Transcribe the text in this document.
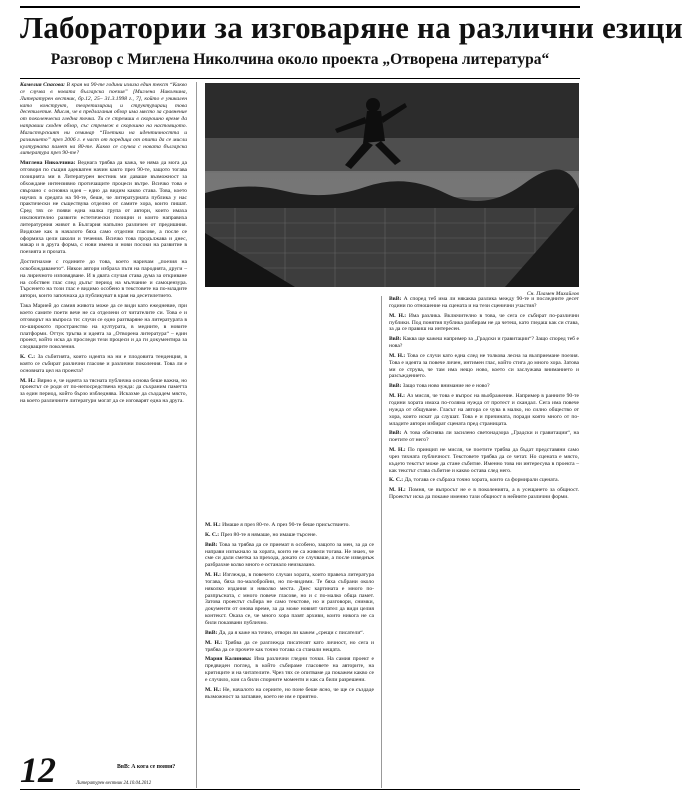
Лаборатории за изговаряне на различни езици
Разговор с Миглена Николчина около проекта „Отворена литература“

Камелия Спасова: В края на 90-те години излиза един текст “Какво се случва в новата българска поезия” [Миглена Николчина, Литературен вестник, бр.12, 25– 31.3.1998 г., 7], който е уникален като конструкт, теоретизиращ и структуриращ това десетилетие. Мисля, че в предлагания обзор има място за сравнение от поколенческа гледна точка. Ти се стремиш в скорошно време да направиш сходен обзор, със стремеж в скорошно на настоящото. Магистърският ни семинар “Поетики на идентичността и различието” през 2006 г. е част от поредица от опити да се мисли културната памет на 80-те. Какво се случва с новата българска литература през 90-те?

Миглена Николчина: Веднага трябва да кажа, че няма да мога да отговоря по същия адекватен начин както през 90-те, защото тогава позицията ми в Литературен вестник ми даваше възможност за обхождане интензивно протичащите процеси вътре. Всичко това е свързано с основна идея – едно да видим какво става. Това, което научих в средата на 90-те, беше, че литературната публика у нас практически не съществува отделно от самите хора, които пишат. Сред тях се появи една малка група от автори, които имаха изключително развити естетически позиции и които направиха литературния живот в България напълно различен от предишния. Видяхме как в началото бяха само отделни гласове, а после се оформиха цели школи и течения. Всичко това продължава и днес, макар и в друга форма, с нови имена и нови посоки на развитие в поезията и прозата.

Достигнахме с годините до това, което наричам „поезия на освобождаването“. Някои автори избраха пътя на пародията, други – на лиричното изповядване. И в двата случая става дума за откриване на собствен глас след дълъг период на мълчание и самоцензура. Търсенето на този глас е видимо особено в текстовете на по-младите автори, които започнаха да публикуват в края на десетилетието.

Така Марией до самия живота може да се види като ежедневие, при което самите поети вече не са отделени от читателите си. Това е и отговорът на въпроса ти: случи се едно разтваряне на литературата в по-широкото пространство на културата, в медиите, в новите платформи. Оттук тръгва и идеята за „Отворена литература“ – един проект, който иска да проследи тези процеси и да ги документира за следващите поколения.

К. С.: За събитията, които идеята на ни е плодовита тенденция, в която се събират различни гласове и различни поколения. Това ли е основната цел на проекта?

М. Н.: Вярно е, че идеята за тясната публична основа беше важна, но проектът се роди от по-непосредствена нужда: да съхраним паметта за един период, който бързо избледнява. Искахме да създадем място, на което различните литератури могат да се изговарят една на друга.

Сн. Пламен Михайлов

М. Н.: Имаше я през 80-те. А през 90-те беше присъствието.

К. С.: През 80-те я нямаше, но имаше търсене.

ВвВ: Това за трябва да се приемат в особено, защото за мен, за да се направи изпъкнало за хората, които не са живели тогава. Не знаех, че сме си дали сметка за прехода, докато се случваше, а после изведнъж разбрахме колко много е останало неизказано.

М. Н.: Изглежда, в повечето случаи хората, които правеха литература тогава, бяха по-малобройни, но по-видими. Те бяха събрани около няколко издания и няколко места. Днес картината е много по-разпръсната, с много повече гласове, но и с по-малко обща памет. Затова проектът събира не само текстове, но и разговори, снимки, документи от онова време, за да може новият читател да види целия контекст. Оказа се, че много хора пазят архиви, които никога не са били показвани публично.

ВвВ: Да, да я каже на точно, отвори ли кажем „срещи с писатели“.

М. Н.: Трябва да се разглежда писателят като личност, но сега и трябва да се прочете как точно тогава са станали нещата.

Мария Калинова: Има различни гледни точки. На самия проект е предвиден поглед, в който събираме гласовете на авторите, на критиците и на читателите. Чрез тях се опитваме да покажем какво се е случило, кои са били спорните моменти и как са били разрешени.

М. Н.: Не, началото на сериите, но поне беше ясно, че ще се създаде възможност за заглавие, което не им е приятно.

ВвВ: А според теб има ли някаква разлика между 90-те и последните десет години по отношение на сцената и на тези сценични участия?

М. Н.: Има разлика. Включително в това, че сега се събират по-различни публики. Под понятия публика разбирам не да четеш, като гледаш как си става, за да се правиш на интересен.

ВвВ: Каква ще кажеш например за „Градски и гравитации“? Защо според теб е нова?

М. Н.: Това се случи като една след не толкова лесна за възприемане поезия. Това е идеята за повече личен, интимен глас, който стига до много хора. Затова ми се струва, че там има нещо ново, което си заслужава вниманието и разсъждението.

ВвВ: Защо това ново внимание не е ново?

М. Н.: Аз мисля, че това е въпрос на въображение. Например в ранните 90-те години хората имаха по-голяма нужда от протест и скандал. Сега има повече нужда от общуване. Гласът на автора се чува в малко, но силно общество от хора, които искат да слушат. Това е и причината, поради която много от по-младите автори избират сцената пред страницата.

ВвВ: А това обяснява ли засилено светонадзора „Градски и гравитации“, на поетите от него?

М. Н.: По принцип не мисля, че поетите трябва да бъдат представяни само чрез тяхната публичност. Текстовете трябва да се четат. Но сцената е място, където текстът може да стане събитие. Именно това ни интересува в проекта – как текстът става събитие и какво остава след него.

К. С.: Да, тогава се събраха точно хората, които са формирали сцената.

М. Н.: Помня, че въпросът не е в поколенията, а в усещането за общност. Проектът иска да покаже именно тази общност в нейните различни форми.

12	ВвВ: А кога се появи?
Литературен вестник 24.10.04.2012
